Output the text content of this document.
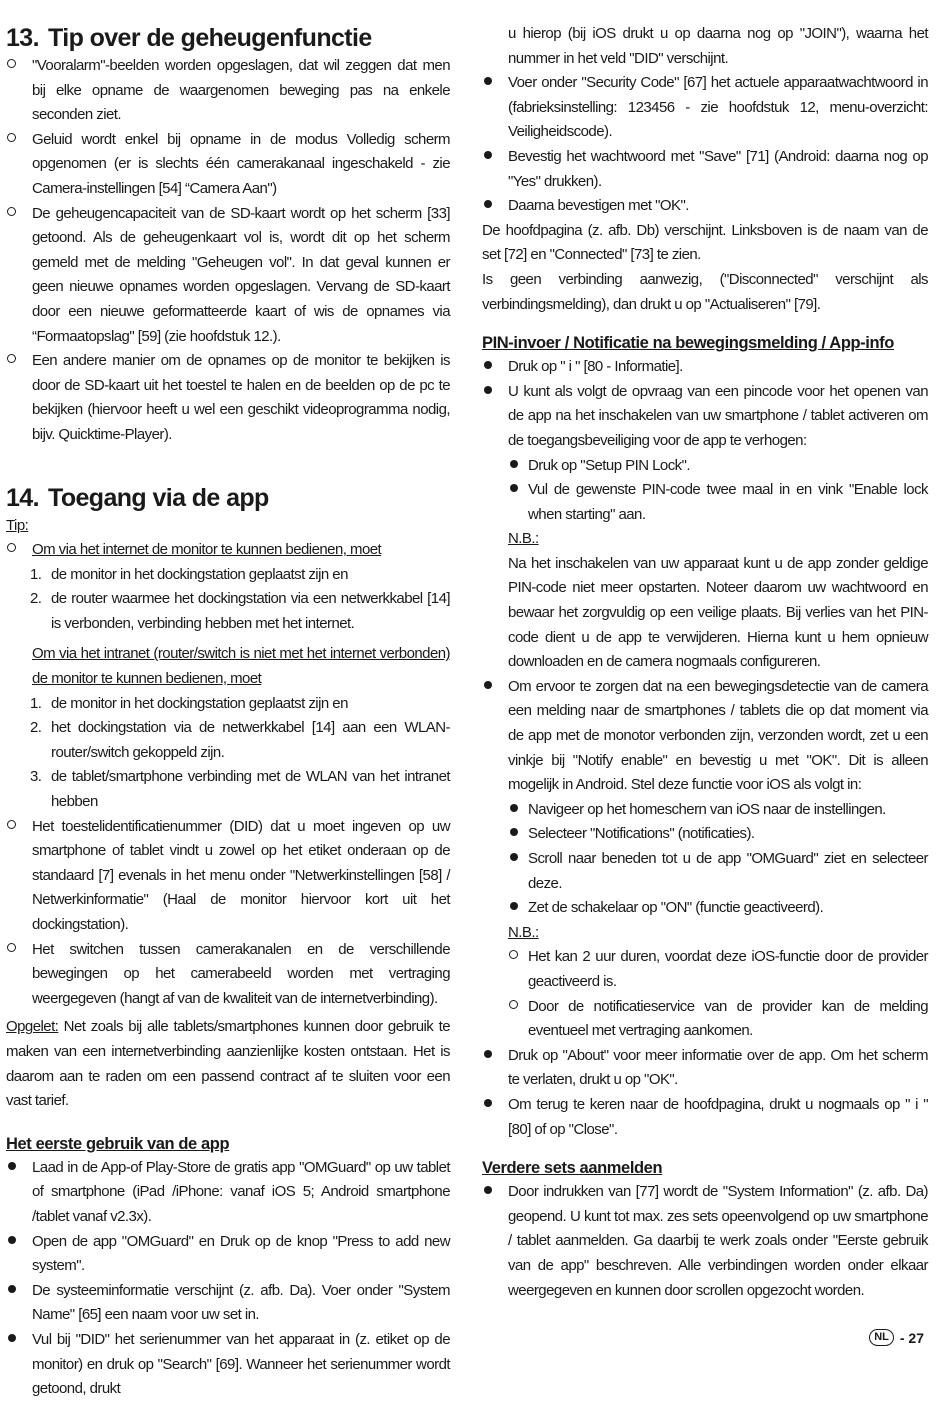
13. Tip over de geheugenfunctie
"Vooralarm"-beelden worden opgeslagen, dat wil zeggen dat men bij elke opname de waargenomen beweging pas na enkele seconden ziet.
Geluid wordt enkel bij opname in de modus Volledig scherm opgenomen (er is slechts één camerakanaal ingeschakeld - zie Camera-instellingen [54] “Camera Aan")
De geheugencapaciteit van de SD-kaart wordt op het scherm [33] getoond. Als de geheugenkaart vol is, wordt dit op het scherm gemeld met de melding "Geheugen vol". In dat geval kunnen er geen nieuwe opnames worden opgeslagen. Vervang de SD-kaart door een nieuwe geformatteerde kaart of wis de opnames via “Formaatopslag" [59] (zie hoofdstuk 12.).
Een andere manier om de opnames op de monitor te bekijken is door de SD-kaart uit het toestel te halen en de beelden op de pc te bekijken (hiervoor heeft u wel een geschikt videoprogramma nodig, bijv. Quicktime-Player).
14. Toegang via de app
Tip:
Om via het internet de monitor te kunnen bedienen, moet
1. de monitor in het dockingstation geplaatst zijn en
2. de router waarmee het dockingstation via een netwerkkabel [14] is verbonden, verbinding hebben met het internet.
Om via het intranet (router/switch is niet met het internet verbonden) de monitor te kunnen bedienen, moet
1. de monitor in het dockingstation geplaatst zijn en
2. het dockingstation via de netwerkkabel [14] aan een WLAN-router/switch gekoppeld zijn.
3. de tablet/smartphone verbinding met de WLAN van het intranet hebben
Het toestelidentificatienummer (DID) dat u moet ingeven op uw smartphone of tablet vindt u zowel op het etiket onderaan op de standaard [7] evenals in het menu onder "Netwerkinstellingen [58] / Netwerkinformatie" (Haal de monitor hiervoor kort uit het dockingstation).
Het switchen tussen camerakanalen en de verschillende bewegingen op het camerabeeld worden met vertraging weergegeven (hangt af van de kwaliteit van de internetverbinding).
Opgelet: Net zoals bij alle tablets/smartphones kunnen door gebruik te maken van een internetverbinding aanzienlijke kosten ontstaan. Het is daarom aan te raden om een passend contract af te sluiten voor een vast tarief.
Het eerste gebruik van de app
Laad in de App-of Play-Store de gratis app "OMGuard" op uw tablet of smartphone (iPad /iPhone: vanaf iOS 5; Android smartphone /tablet vanaf v2.3x).
Open de app "OMGuard" en Druk op de knop "Press to add new system".
De systeeminformatie verschijnt (z. afb. Da). Voer onder "System Name" [65] een naam voor uw set in.
Vul bij "DID" het serienummer van het apparaat in (z. etiket op de monitor) en druk op "Search" [69]. Wanneer het serienummer wordt getoond, drukt
u hierop (bij iOS drukt u op daarna nog op "JOIN"), waarna het nummer in het veld "DID" verschijnt.
Voer onder "Security Code" [67] het actuele apparaatwachtwoord in (fabrieksinstelling: 123456 - zie hoofdstuk 12, menu-overzicht: Veiligheidscode).
Bevestig het wachtwoord met "Save" [71] (Android: daarna nog op "Yes" drukken).
Daarna bevestigen met "OK".
De hoofdpagina (z. afb. Db) verschijnt. Linksboven is de naam van de set [72] en "Connected" [73] te zien.
Is geen verbinding aanwezig, ("Disconnected" verschijnt als verbindingsmelding), dan drukt u op "Actualiseren" [79].
PIN-invoer / Notificatie na bewegingsmelding / App-info
Druk op " i " [80 - Informatie].
U kunt als volgt de opvraag van een pincode voor het openen van de app na het inschakelen van uw smartphone / tablet activeren om de toegangsbeveiliging voor de app te verhogen:
Druk op "Setup PIN Lock".
Vul de gewenste PIN-code twee maal in en vink "Enable lock when starting" aan.
N.B.:
Na het inschakelen van uw apparaat kunt u de app zonder geldige PIN-code niet meer opstarten. Noteer daarom uw wachtwoord en bewaar het zorgvuldig op een veilige plaats. Bij verlies van het PIN-code dient u de app te verwijderen. Hierna kunt u hem opnieuw downloaden en de camera nogmaals configureren.
Om ervoor te zorgen dat na een bewegingsdetectie van de camera een melding naar de smartphones / tablets die op dat moment via de app met de monotor verbonden zijn, verzonden wordt, zet u een vinkje bij "Notify enable" en bevestig u met "OK". Dit is alleen mogelijk in Android. Stel deze functie voor iOS als volgt in:
Navigeer op het homeschern van iOS naar de instellingen.
Selecteer "Notifications" (notificaties).
Scroll naar beneden tot u de app "OMGuard" ziet en selecteer deze.
Zet de schakelaar op "ON" (functie geactiveerd).
N.B.:
Het kan 2 uur duren, voordat deze iOS-functie door de provider geactiveerd is.
Door de notificatieservice van de provider kan de melding eventueel met vertraging aankomen.
Druk op "About" voor meer informatie over de app. Om het scherm te verlaten, drukt u op "OK".
Om terug te keren naar de hoofdpagina, drukt u nogmaals op " i " [80] of op "Close".
Verdere sets aanmelden
Door indrukken van [77] wordt de "System Information" (z. afb. Da) geopend. U kunt tot max. zes sets opeenvolgend op uw smartphone / tablet aanmelden. Ga daarbij te werk zoals onder "Eerste gebruik van de app" beschreven. Alle verbindingen worden onder elkaar weergegeven en kunnen door scrollen opgezocht worden.
NL - 27
